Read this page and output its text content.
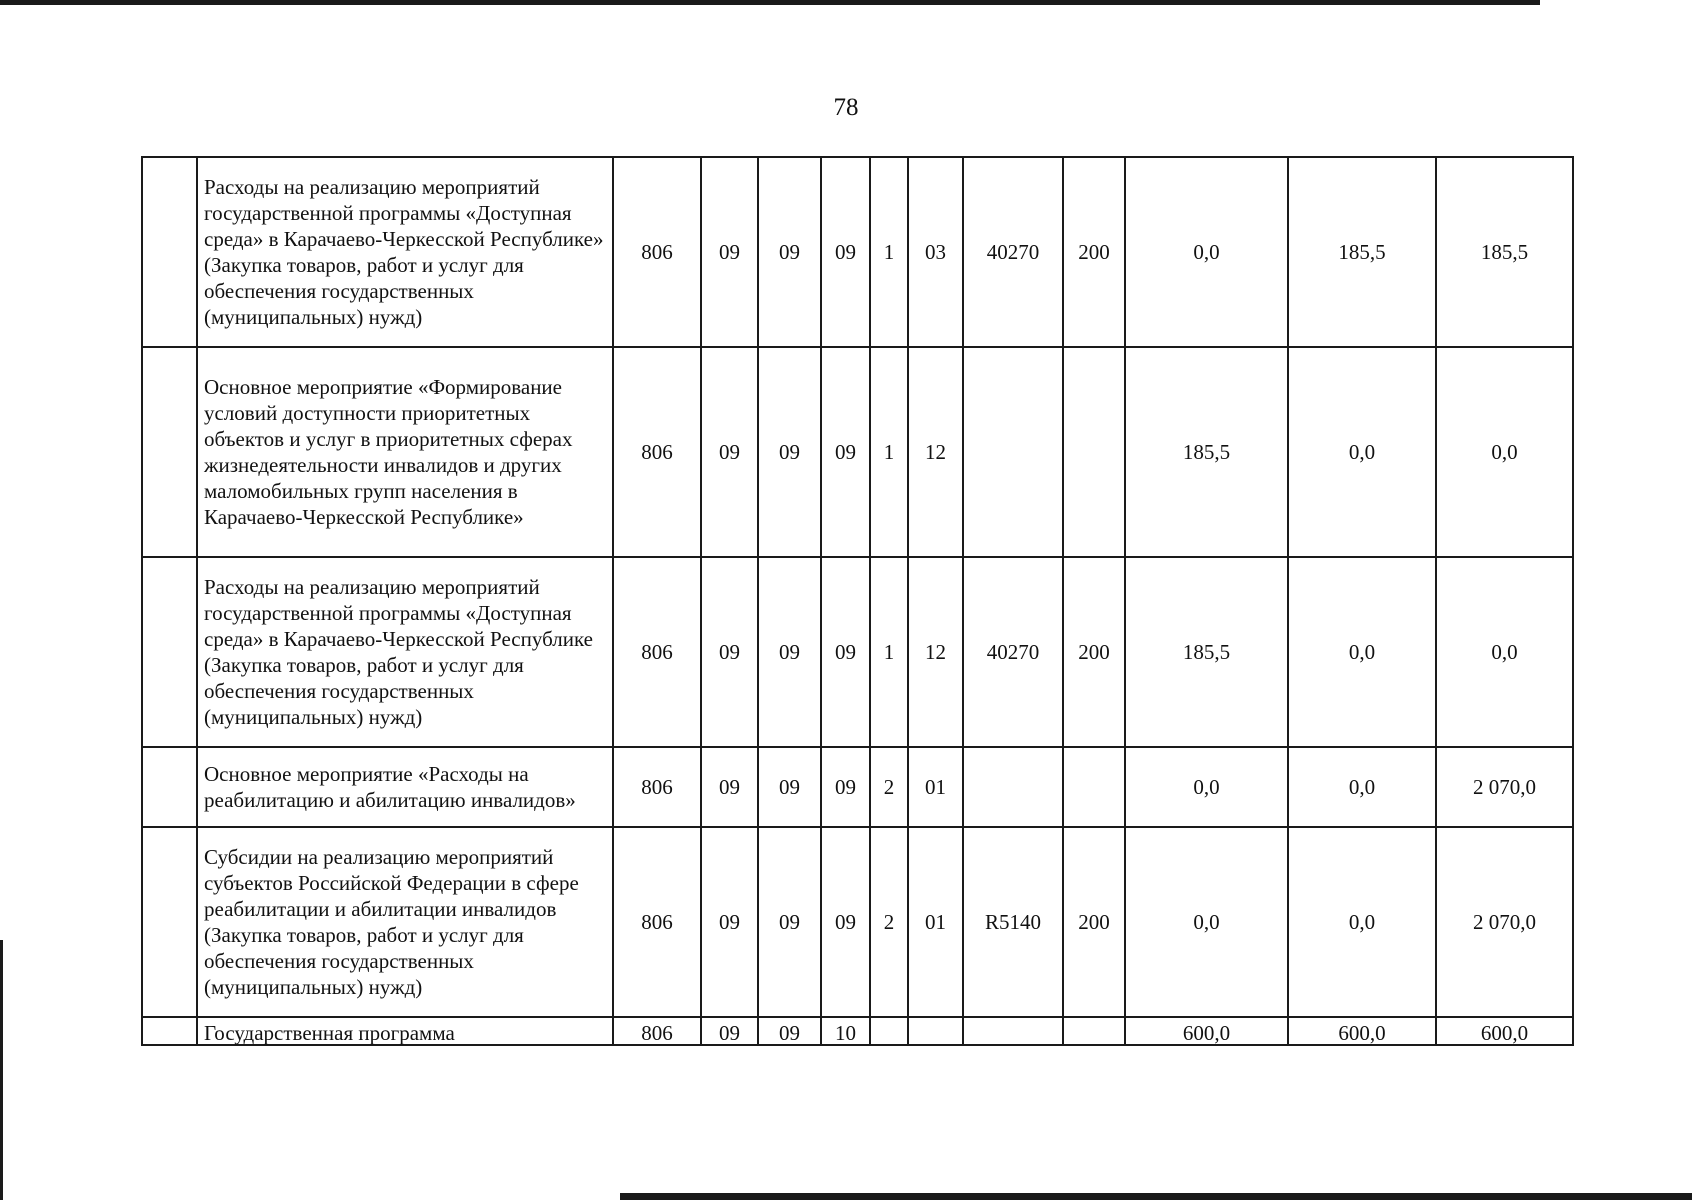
78
	Расходы на реализацию мероприятий государственной программы «Доступная среда» в Карачаево-Черкесской Республике» (Закупка товаров, работ и услуг для обеспечения государственных (муниципальных) нужд)	806	09	09	09	1	03	40270	200	0,0	185,5	185,5
	Основное мероприятие «Формирование условий доступности приоритетных объектов и услуг в приоритетных сферах жизнедеятельности инвалидов и других маломобильных групп населения в Карачаево-Черкесской Республике»	806	09	09	09	1	12			185,5	0,0	0,0
	Расходы на реализацию мероприятий государственной программы «Доступная среда» в Карачаево-Черкесской Республике (Закупка товаров, работ и услуг для обеспечения государственных (муниципальных) нужд)	806	09	09	09	1	12	40270	200	185,5	0,0	0,0
	Основное мероприятие «Расходы на реабилитацию и абилитацию инвалидов»	806	09	09	09	2	01			0,0	0,0	2 070,0
	Субсидии на реализацию мероприятий субъектов Российской Федерации в сфере реабилитации и абилитации инвалидов (Закупка товаров, работ и услуг для обеспечения государственных (муниципальных) нужд)	806	09	09	09	2	01	R5140	200	0,0	0,0	2 070,0
	Государственная программа	806	09	09	10					600,0	600,0	600,0
